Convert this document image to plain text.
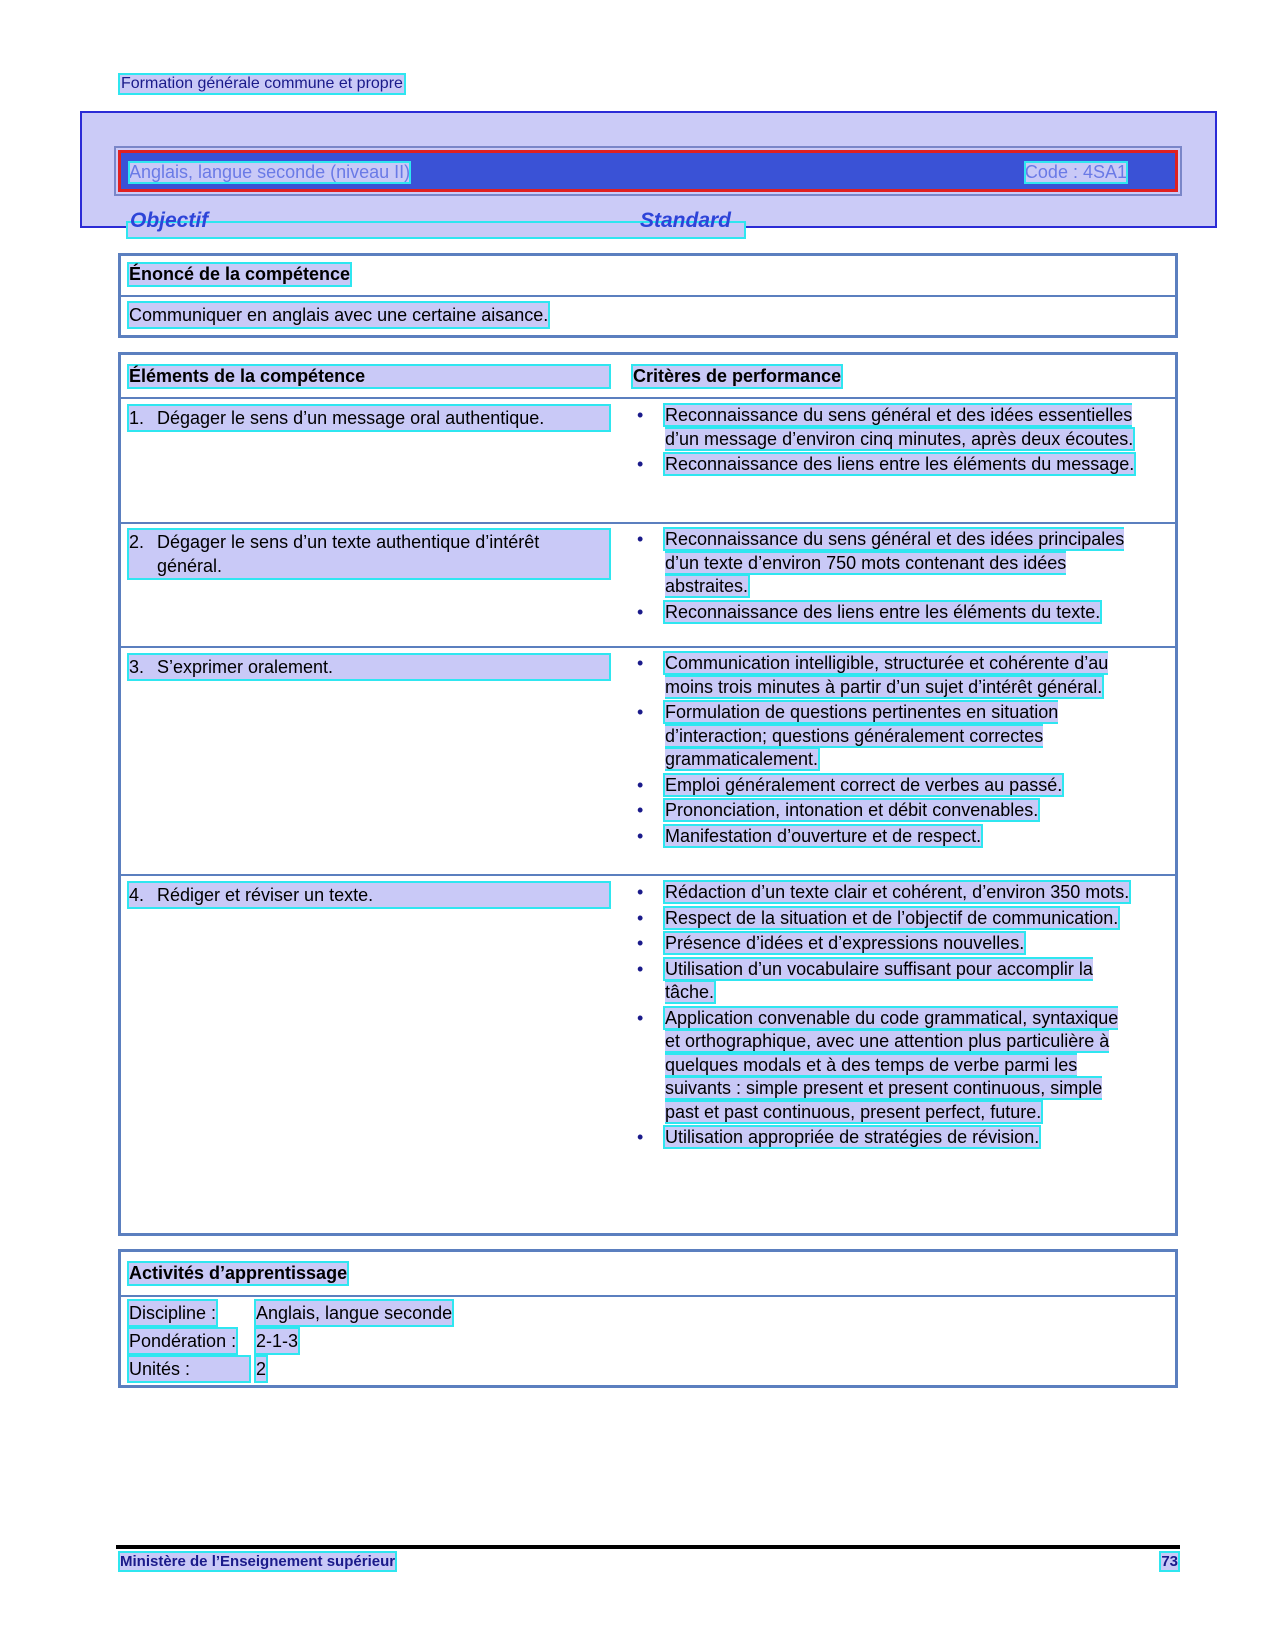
Formation générale commune et propre
Anglais, langue seconde (niveau II)	Code : 4SA1
Objectif	Standard
Énoncé de la compétence
Communiquer en anglais avec une certaine aisance.
Éléments de la compétence	Critères de performance
1. Dégager le sens d’un message oral authentique.	• Reconnaissance du sens général et des idées essentielles d’un message d’environ cinq minutes, après deux écoutes.
• Reconnaissance des liens entre les éléments du message.
2. Dégager le sens d’un texte authentique d’intérêt général.
• Reconnaissance du sens général et des idées principales d’un texte d’environ 750 mots contenant des idées abstraites.
• Reconnaissance des liens entre les éléments du texte.
3. S’exprimer oralement.	• Communication intelligible, structurée et cohérente d’au moins trois minutes à partir d’un sujet d’intérêt général.
• Formulation de questions pertinentes en situation d’interaction; questions généralement correctes grammaticalement.
• Emploi généralement correct de verbes au passé.
• Prononciation, intonation et débit convenables.
• Manifestation d’ouverture et de respect.
4. Rédiger et réviser un texte.	• Rédaction d’un texte clair et cohérent, d’environ 350 mots.
• Respect de la situation et de l’objectif de communication.
• Présence d’idées et d’expressions nouvelles.
• Utilisation d’un vocabulaire suffisant pour accomplir la tâche.
• Application convenable du code grammatical, syntaxique et orthographique, avec une attention plus particulière à quelques modals et à des temps de verbe parmi les suivants : simple present et present continuous, simple past et past continuous, present perfect, future.
• Utilisation appropriée de stratégies de révision.
Activités d’apprentissage
Discipline : Anglais, langue seconde
Pondération : 2-1-3
Unités :	2
Ministère de l’Enseignement supérieur	73
